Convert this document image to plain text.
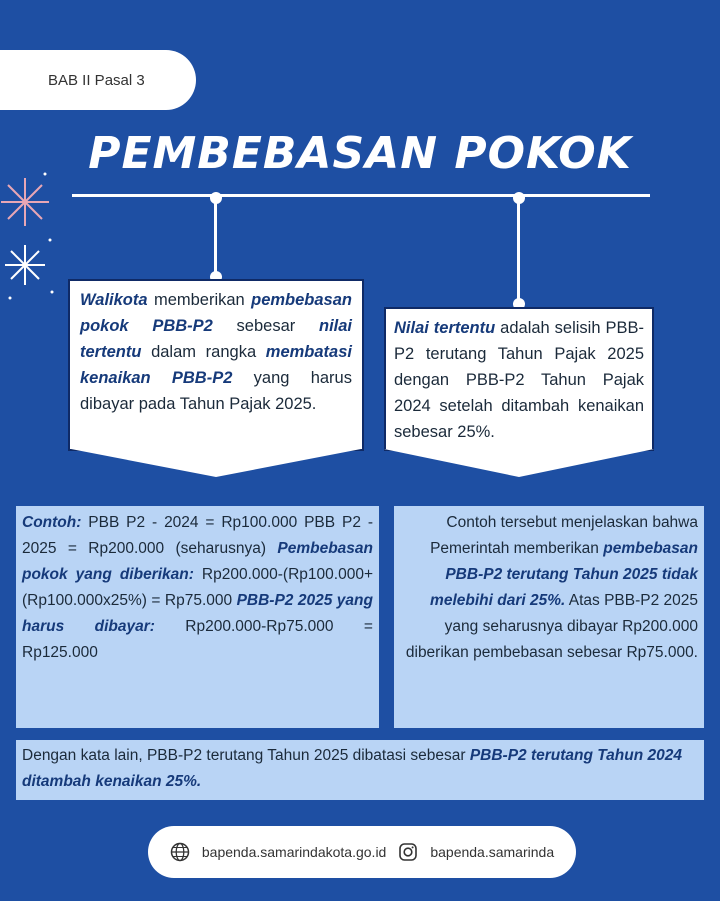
BAB II Pasal 3
PEMBEBASAN POKOK
Walikota memberikan pembebasan pokok PBB-P2 sebesar nilai tertentu dalam rangka membatasi kenaikan PBB-P2 yang harus dibayar pada Tahun Pajak 2025.
Nilai tertentu adalah selisih PBB-P2 terutang Tahun Pajak 2025 dengan PBB-P2 Tahun Pajak 2024 setelah ditambah kenaikan sebesar 25%.
Contoh: PBB P2 - 2024 = Rp100.000 PBB P2 - 2025 = Rp200.000 (seharusnya) Pembebasan pokok yang diberikan: Rp200.000-(Rp100.000+(Rp100.000x25%) = Rp75.000 PBB-P2 2025 yang harus dibayar: Rp200.000-Rp75.000 = Rp125.000
Contoh tersebut menjelaskan bahwa Pemerintah memberikan pembebasan PBB-P2 terutang Tahun 2025 tidak melebihi dari 25%. Atas PBB-P2 2025 yang seharusnya dibayar Rp200.000 diberikan pembebasan sebesar Rp75.000.
Dengan kata lain, PBB-P2 terutang Tahun 2025 dibatasi sebesar PBB-P2 terutang Tahun 2024 ditambah kenaikan 25%.
bapenda.samarindakota.go.id	bapenda.samarinda
